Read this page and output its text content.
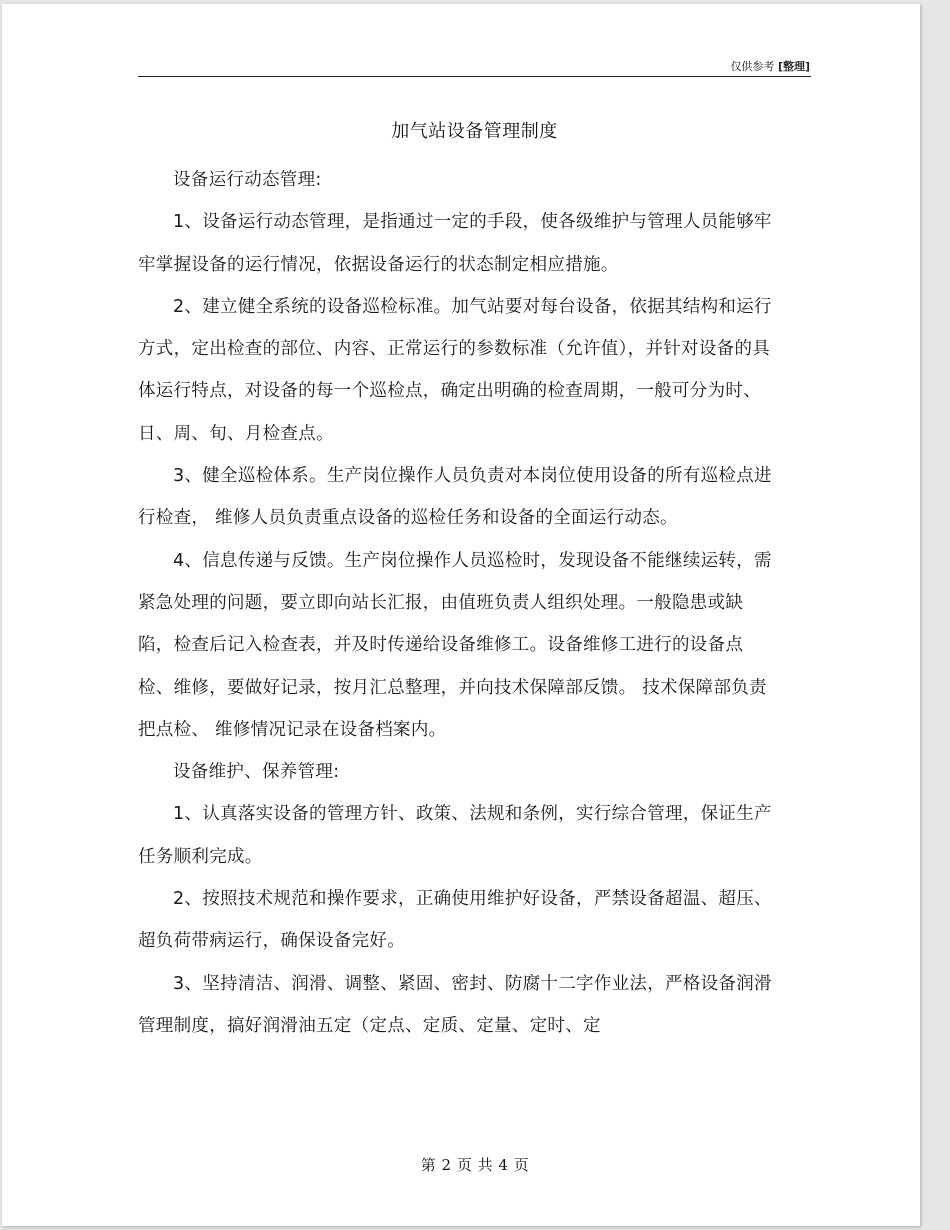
仅供参考 [整理]
加气站设备管理制度

设备运行动态管理:

1、设备运行动态管理，是指通过一定的手段，使各级维护与管理人员能够牢牢掌握设备的运行情况，依据设备运行的状态制定相应措施。

2、建立健全系统的设备巡检标准。加气站要对每台设备，依据其结构和运行方式，定出检查的部位、内容、正常运行的参数标准（允许值），并针对设备的具体运行特点，对设备的每一个巡检点，确定出明确的检查周期，一般可分为时、日、周、旬、月检查点。

3、健全巡检体系。生产岗位操作人员负责对本岗位使用设备的所有巡检点进行检查， 维修人员负责重点设备的巡检任务和设备的全面运行动态。

4、信息传递与反馈。生产岗位操作人员巡检时，发现设备不能继续运转，需紧急处理的问题，要立即向站长汇报，由值班负责人组织处理。一般隐患或缺陷，检查后记入检查表，并及时传递给设备维修工。设备维修工进行的设备点检、维修，要做好记录，按月汇总整理，并向技术保障部反馈。 技术保障部负责把点检、 维修情况记录在设备档案内。

设备维护、保养管理:

1、认真落实设备的管理方针、政策、法规和条例，实行综合管理，保证生产任务顺利完成。

2、按照技术规范和操作要求，正确使用维护好设备，严禁设备超温、超压、超负荷带病运行，确保设备完好。

3、坚持清洁、润滑、调整、紧固、密封、防腐十二字作业法，严格设备润滑管理制度，搞好润滑油五定（定点、定质、定量、定时、定

第 2 页 共 4 页
